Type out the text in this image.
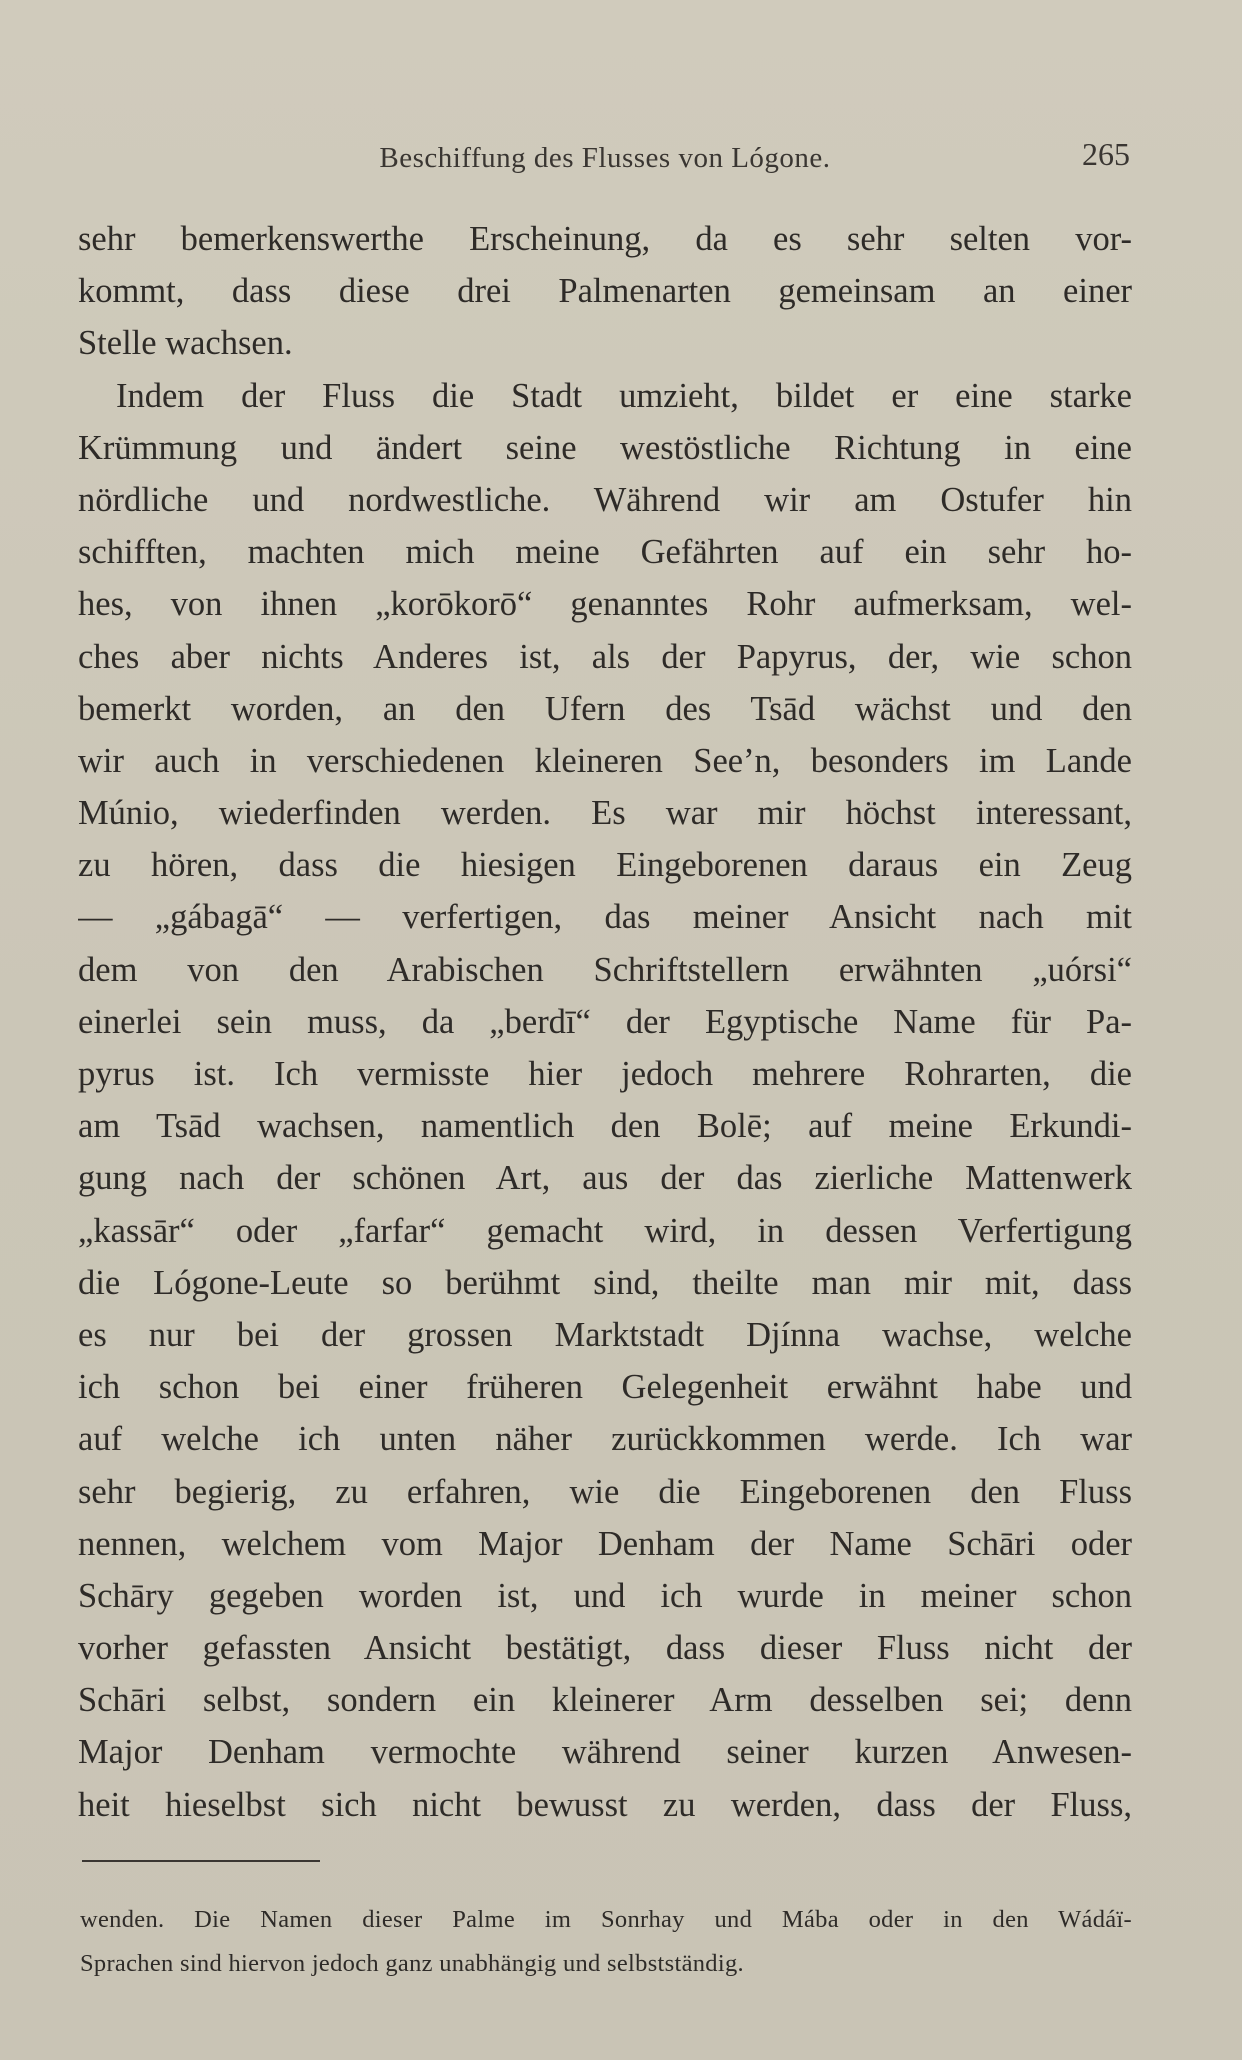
Beschiffung des Flusses von Lógone.	265
sehr bemerkenswerthe Erscheinung, da es sehr selten vor-
kommt, dass diese drei Palmenarten gemeinsam an einer
Stelle wachsen.
Indem der Fluss die Stadt umzieht, bildet er eine starke
Krümmung und ändert seine westöstliche Richtung in eine
nördliche und nordwestliche. Während wir am Ostufer hin
schifften, machten mich meine Gefährten auf ein sehr ho-
hes, von ihnen „korōkorō“ genanntes Rohr aufmerksam, wel-
ches aber nichts Anderes ist, als der Papyrus, der, wie schon
bemerkt worden, an den Ufern des Tsād wächst und den
wir auch in verschiedenen kleineren See’n, besonders im Lande
Múnio, wiederfinden werden. Es war mir höchst interessant,
zu hören, dass die hiesigen Eingeborenen daraus ein Zeug
— „gábagā“ — verfertigen, das meiner Ansicht nach mit
dem von den Arabischen Schriftstellern erwähnten „uórsi“
einerlei sein muss, da „berdī“ der Egyptische Name für Pa-
pyrus ist. Ich vermisste hier jedoch mehrere Rohrarten, die
am Tsād wachsen, namentlich den Bolē; auf meine Erkundi-
gung nach der schönen Art, aus der das zierliche Mattenwerk
„kassār“ oder „farfar“ gemacht wird, in dessen Verfertigung
die Lógone-Leute so berühmt sind, theilte man mir mit, dass
es nur bei der grossen Marktstadt Djínna wachse, welche
ich schon bei einer früheren Gelegenheit erwähnt habe und
auf welche ich unten näher zurückkommen werde. Ich war
sehr begierig, zu erfahren, wie die Eingeborenen den Fluss
nennen, welchem vom Major Denham der Name Schāri oder
Schāry gegeben worden ist, und ich wurde in meiner schon
vorher gefassten Ansicht bestätigt, dass dieser Fluss nicht der
Schāri selbst, sondern ein kleinerer Arm desselben sei; denn
Major Denham vermochte während seiner kurzen Anwesen-
heit hieselbst sich nicht bewusst zu werden, dass der Fluss,
wenden. Die Namen dieser Palme im Sonrhay und Mába oder in den Wádáï-
Sprachen sind hiervon jedoch ganz unabhängig und selbstständig.
